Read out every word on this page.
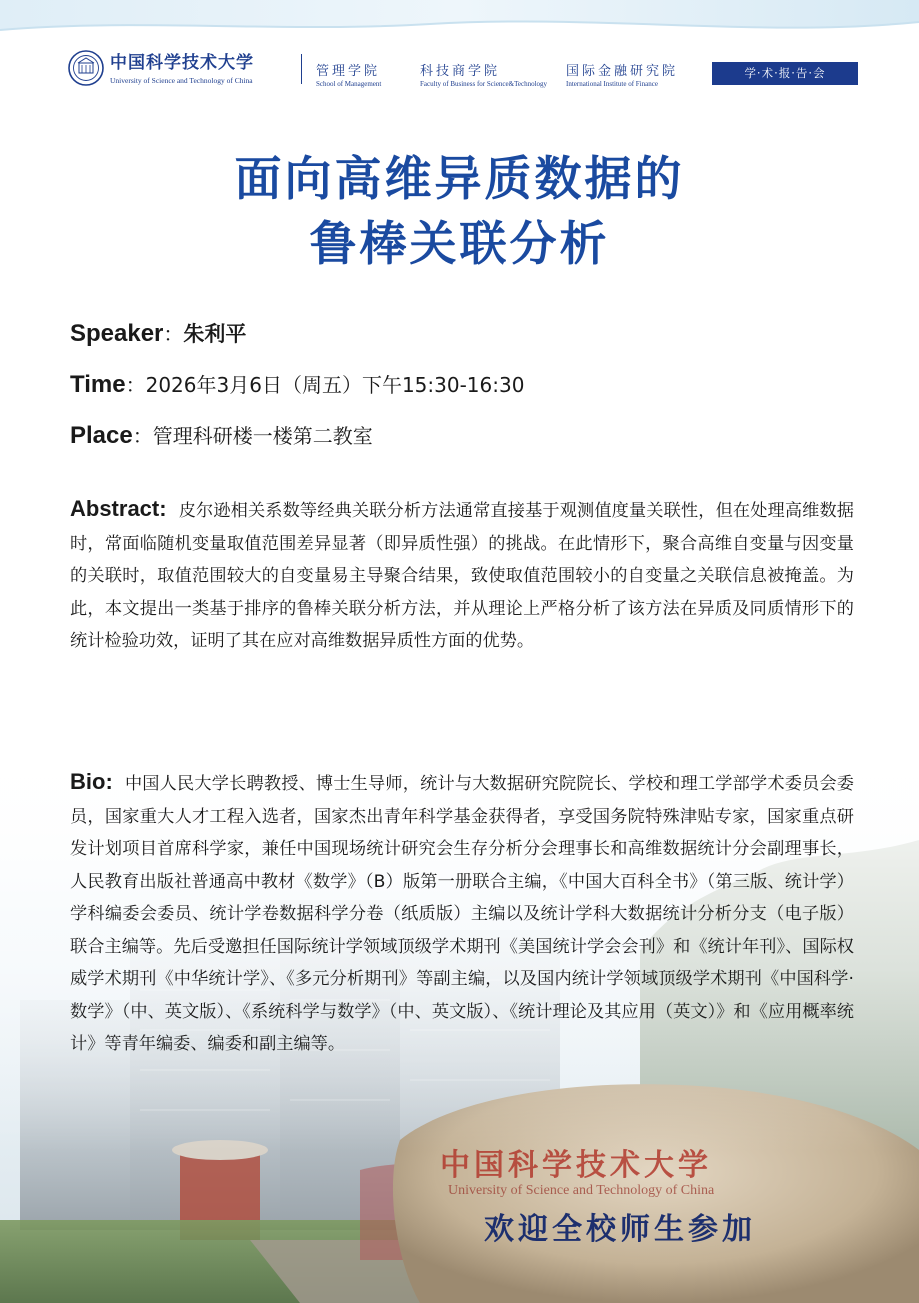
中国科学技术大学
University of Science and Technology of China
管理学院
School of Management
科技商学院
Faculty of Business for Science&Technology
国际金融研究院
International Institute of Finance
学·术·报·告·会
面向高维异质数据的
鲁棒关联分析
Speaker：朱利平
Time：2026年3月6日（周五）下午15:30-16:30
Place：管理科研楼一楼第二教室
Abstract: 皮尔逊相关系数等经典关联分析方法通常直接基于观测值度量关联性，但在处理高维数据时，常面临随机变量取值范围差异显著（即异质性强）的挑战。在此情形下，聚合高维自变量与因变量的关联时，取值范围较大的自变量易主导聚合结果，致使取值范围较小的自变量之关联信息被掩盖。为此，本文提出一类基于排序的鲁棒关联分析方法，并从理论上严格分析了该方法在异质及同质情形下的统计检验功效，证明了其在应对高维数据异质性方面的优势。
Bio: 中国人民大学长聘教授、博士生导师，统计与大数据研究院院长、学校和理工学部学术委员会委员，国家重大人才工程入选者，国家杰出青年科学基金获得者，享受国务院特殊津贴专家，国家重点研发计划项目首席科学家，兼任中国现场统计研究会生存分析分会理事长和高维数据统计分会副理事长，人民教育出版社普通高中教材《数学》（B）版第一册联合主编，《中国大百科全书》（第三版、统计学）学科编委会委员、统计学卷数据科学分卷（纸质版）主编以及统计学科大数据统计分析分支（电子版）联合主编等。先后受邀担任国际统计学领域顶级学术期刊《美国统计学会会刊》和《统计年刊》、国际权威学术期刊《中华统计学》、《多元分析期刊》等副主编，以及国内统计学领域顶级学术期刊《中国科学·数学》（中、英文版）、《系统科学与数学》（中、英文版）、《统计理论及其应用（英文）》和《应用概率统计》等青年编委、编委和副主编等。
中国科学技术大学
University of Science and Technology of China
欢迎全校师生参加
